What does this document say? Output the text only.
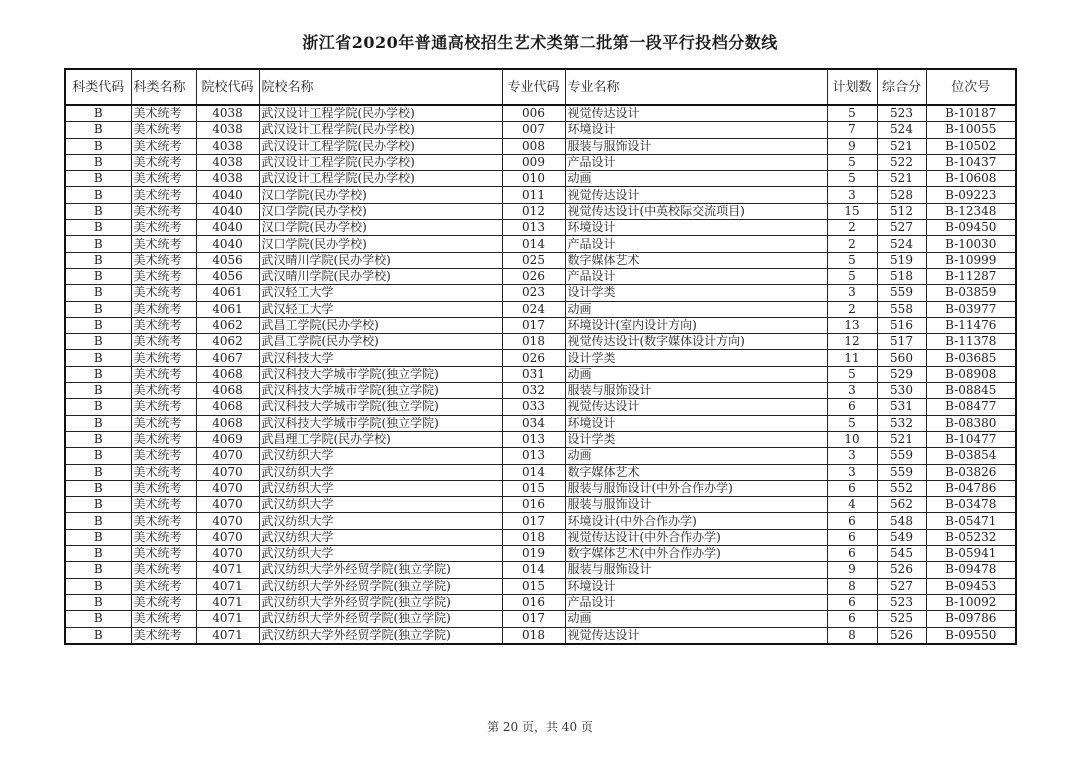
浙江省2020年普通高校招生艺术类第二批第一段平行投档分数线
科类代码	科类名称	院校代码	院校名称	专业代码	专业名称	计划数	综合分	位次号
B	美术统考	4038	武汉设计工程学院(民办学校)	006	视觉传达设计	5	523	B-10187
B	美术统考	4038	武汉设计工程学院(民办学校)	007	环境设计	7	524	B-10055
B	美术统考	4038	武汉设计工程学院(民办学校)	008	服装与服饰设计	9	521	B-10502
B	美术统考	4038	武汉设计工程学院(民办学校)	009	产品设计	5	522	B-10437
B	美术统考	4038	武汉设计工程学院(民办学校)	010	动画	5	521	B-10608
B	美术统考	4040	汉口学院(民办学校)	011	视觉传达设计	3	528	B-09223
B	美术统考	4040	汉口学院(民办学校)	012	视觉传达设计(中英校际交流项目)	15	512	B-12348
B	美术统考	4040	汉口学院(民办学校)	013	环境设计	2	527	B-09450
B	美术统考	4040	汉口学院(民办学校)	014	产品设计	2	524	B-10030
B	美术统考	4056	武汉晴川学院(民办学校)	025	数字媒体艺术	5	519	B-10999
B	美术统考	4056	武汉晴川学院(民办学校)	026	产品设计	5	518	B-11287
B	美术统考	4061	武汉轻工大学	023	设计学类	3	559	B-03859
B	美术统考	4061	武汉轻工大学	024	动画	2	558	B-03977
B	美术统考	4062	武昌工学院(民办学校)	017	环境设计(室内设计方向)	13	516	B-11476
B	美术统考	4062	武昌工学院(民办学校)	018	视觉传达设计(数字媒体设计方向)	12	517	B-11378
B	美术统考	4067	武汉科技大学	026	设计学类	11	560	B-03685
B	美术统考	4068	武汉科技大学城市学院(独立学院)	031	动画	5	529	B-08908
B	美术统考	4068	武汉科技大学城市学院(独立学院)	032	服装与服饰设计	3	530	B-08845
B	美术统考	4068	武汉科技大学城市学院(独立学院)	033	视觉传达设计	6	531	B-08477
B	美术统考	4068	武汉科技大学城市学院(独立学院)	034	环境设计	5	532	B-08380
B	美术统考	4069	武昌理工学院(民办学校)	013	设计学类	10	521	B-10477
B	美术统考	4070	武汉纺织大学	013	动画	3	559	B-03854
B	美术统考	4070	武汉纺织大学	014	数字媒体艺术	3	559	B-03826
B	美术统考	4070	武汉纺织大学	015	服装与服饰设计(中外合作办学)	6	552	B-04786
B	美术统考	4070	武汉纺织大学	016	服装与服饰设计	4	562	B-03478
B	美术统考	4070	武汉纺织大学	017	环境设计(中外合作办学)	6	548	B-05471
B	美术统考	4070	武汉纺织大学	018	视觉传达设计(中外合作办学)	6	549	B-05232
B	美术统考	4070	武汉纺织大学	019	数字媒体艺术(中外合作办学)	6	545	B-05941
B	美术统考	4071	武汉纺织大学外经贸学院(独立学院)	014	服装与服饰设计	9	526	B-09478
B	美术统考	4071	武汉纺织大学外经贸学院(独立学院)	015	环境设计	8	527	B-09453
B	美术统考	4071	武汉纺织大学外经贸学院(独立学院)	016	产品设计	6	523	B-10092
B	美术统考	4071	武汉纺织大学外经贸学院(独立学院)	017	动画	6	525	B-09786
B	美术统考	4071	武汉纺织大学外经贸学院(独立学院)	018	视觉传达设计	8	526	B-09550
第 20 页，共 40 页
